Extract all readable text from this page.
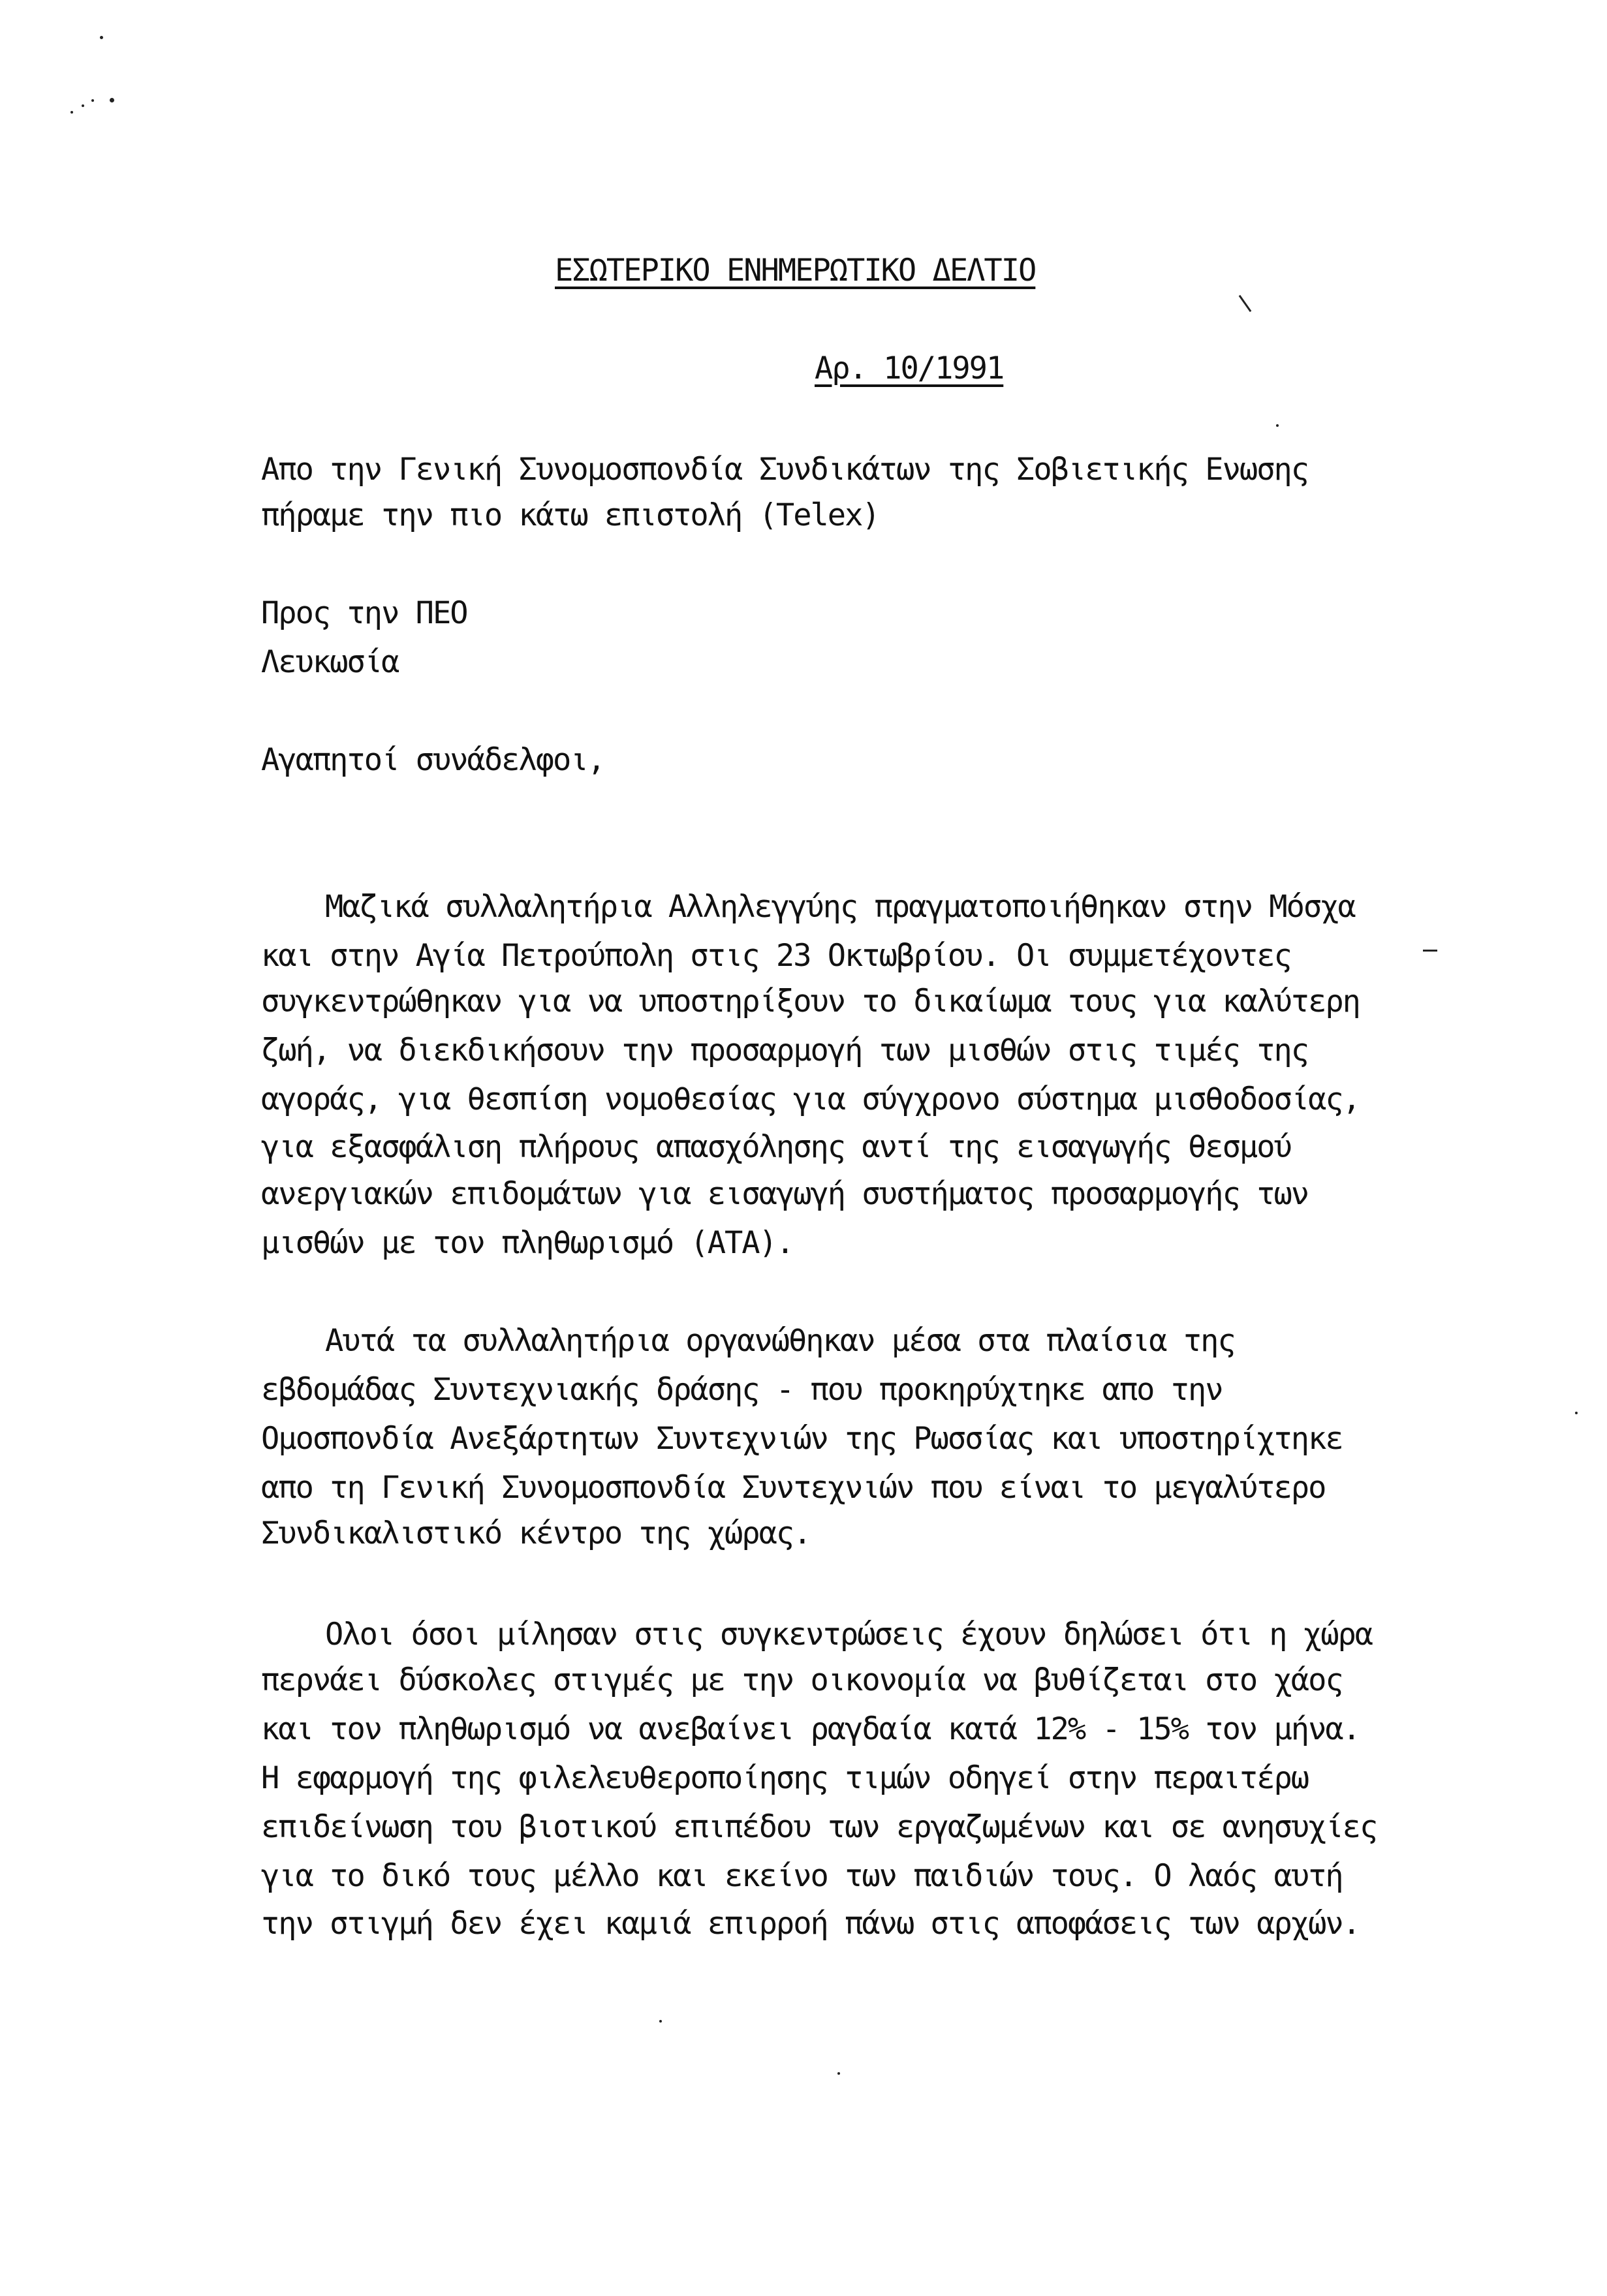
ΕΣΩΤΕΡΙΚΟ ΕΝΗΜΕΡΩΤΙΚΟ ΔΕΛΤΙΟ
Αρ. 10/1991
Απο την Γενική Συνομοσπονδία Συνδικάτων της Σοβιετικής Ενωσης
πήραμε την πιο κάτω επιστολή (Telex)
Προς την ΠΕΟ
Λευκωσία
Αγαπητοί συνάδελφοι,
Μαζικά συλλαλητήρια Αλληλεγγύης πραγματοποιήθηκαν στην Μόσχα
και στην Αγία Πετρούπολη στις 23 Οκτωβρίου. Οι συμμετέχοντες
συγκεντρώθηκαν για να υποστηρίξουν το δικαίωμα τους για καλύτερη
ζωή, να διεκδικήσουν την προσαρμογή των μισθών στις τιμές της
αγοράς, για θεσπίση νομοθεσίας για σύγχρονο σύστημα μισθοδοσίας,
για εξασφάλιση πλήρους απασχόλησης αντί της εισαγωγής θεσμού
ανεργιακών επιδομάτων για εισαγωγή συστήματος προσαρμογής των
μισθών με τον πληθωρισμό (ΑΤΑ).
Αυτά τα συλλαλητήρια οργανώθηκαν μέσα στα πλαίσια της
εβδομάδας Συντεχνιακής δράσης - που προκηρύχτηκε απο την
Ομοσπονδία Ανεξάρτητων Συντεχνιών της Ρωσσίας και υποστηρίχτηκε
απο τη Γενική Συνομοσπονδία Συντεχνιών που είναι το μεγαλύτερο
Συνδικαλιστικό κέντρο της χώρας.
Ολοι όσοι μίλησαν στις συγκεντρώσεις έχουν δηλώσει ότι η χώρα
περνάει δύσκολες στιγμές με την οικονομία να βυθίζεται στο χάος
και τον πληθωρισμό να ανεβαίνει ραγδαία κατά 12% - 15% τον μήνα.
Η εφαρμογή της φιλελευθεροποίησης τιμών οδηγεί στην περαιτέρω
επιδείνωση του βιοτικού επιπέδου των εργαζωμένων και σε ανησυχίες
για το δικό τους μέλλο και εκείνο των παιδιών τους. Ο λαός αυτή
την στιγμή δεν έχει καμιά επιρροή πάνω στις αποφάσεις των αρχών.
